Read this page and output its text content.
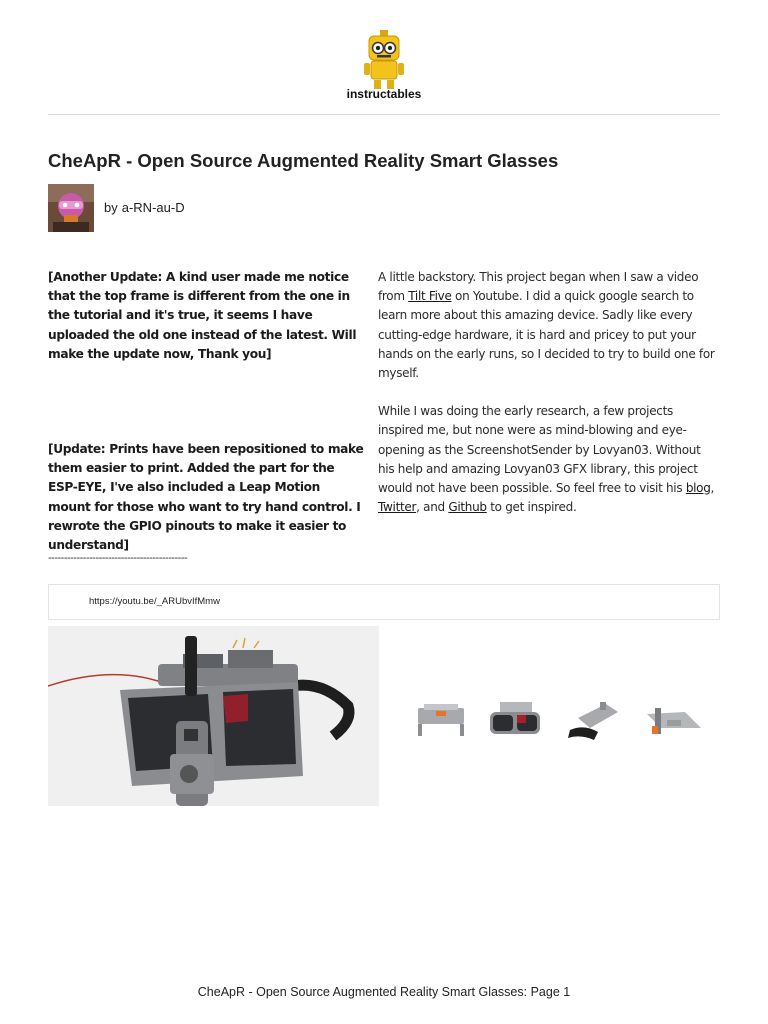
instructables
CheApR - Open Source Augmented Reality Smart Glasses
by a-RN-au-D

[Another Update: A kind user made me notice that the top frame is different from the one in the tutorial and it's true, it seems I have uploaded the old one instead of the latest. Will make the update now, Thank you]

[Update: Prints have been repositioned to make them easier to print. Added the part for the ESP-EYE, I've also included a Leap Motion mount for those who want to try hand control. I rewrote the GPIO pinouts to make it easier to understand]

--------------------------------------------

A little backstory. This project began when I saw a video from Tilt Five on Youtube. I did a quick google search to learn more about this amazing device. Sadly like every cutting-edge hardware, it is hard and pricey to put your hands on the early runs, so I decided to try to build one for myself.

While I was doing the early research, a few projects inspired me, but none were as mind-blowing and eye-opening as the ScreenshotSender by Lovyan03. Without his help and amazing Lovyan03 GFX library, this project would not have been possible. So feel free to visit his blog, Twitter, and Github to get inspired.

https://youtu.be/_ARUbvIfMmw
CheApR - Open Source Augmented Reality Smart Glasses: Page 1
